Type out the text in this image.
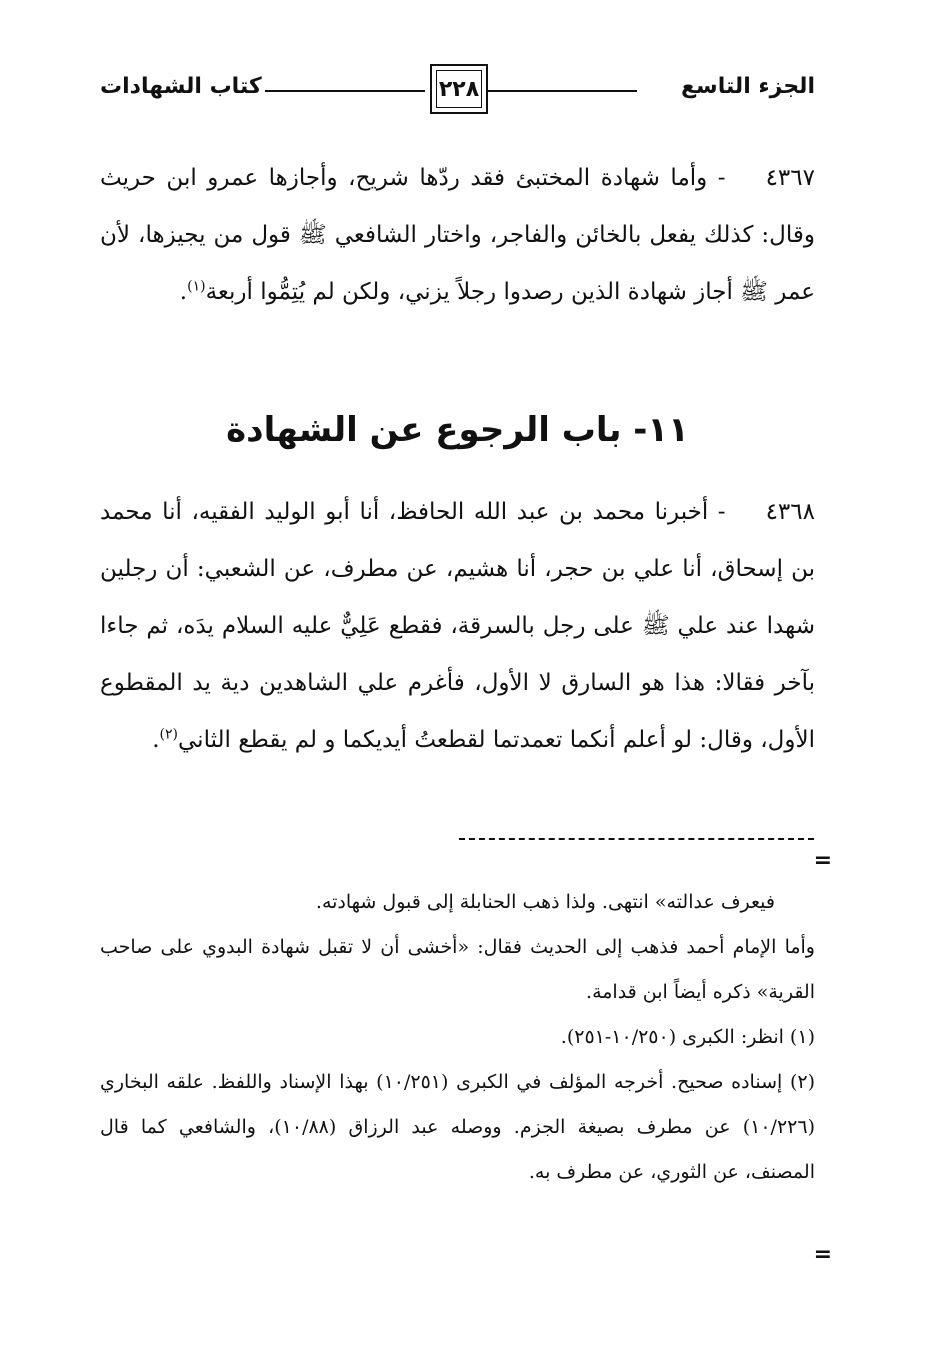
الجزء التاسع
٢٢٨
كتاب الشهادات

٤٣٦٧- وأما شهادة المختبئ فقد ردّها شريح، وأجازها عمرو ابن حريث وقال: كذلك يفعل بالخائن والفاجر، واختار الشافعي ﷺ قول من يجيزها، لأن عمر ﷺ أجاز شهادة الذين رصدوا رجلاً يزني، ولكن لم يُتِمُّوا أربعة$^{(١)}$.

١١- باب الرجوع عن الشهادة

٤٣٦٨- أخبرنا محمد بن عبد الله الحافظ، أنا أبو الوليد الفقيه، أنا محمد بن إسحاق، أنا علي بن حجر، أنا هشيم، عن مطرف، عن الشعبي: أن رجلين شهدا عند علي ﷺ على رجل بالسرقة، فقطع عَلِيٌّ عليه السلام يدَه، ثم جاءا بآخر فقالا: هذا هو السارق لا الأول، فأغرم علي الشاهدين دية يد المقطوع الأول، وقال: لو أعلم أنكما تعمدتما لقطعتُ أيديكما و لم يقطع الثاني$^{(٢)}$.

=

فيعرف عدالته» انتهى. ولذا ذهب الحنابلة إلى قبول شهادته.

وأما الإمام أحمد فذهب إلى الحديث فقال: «أخشى أن لا تقبل شهادة البدوي على صاحب القرية» ذكره أيضاً ابن قدامة.

(١) انظر: الكبرى (١٠/٢٥٠-٢٥١).

(٢) إسناده صحيح. أخرجه المؤلف في الكبرى (١٠/٢٥١) بهذا الإسناد واللفظ. علقه البخاري (١٠/٢٢٦) عن مطرف بصيغة الجزم. ووصله عبد الرزاق (١٠/٨٨)، والشافعي كما قال المصنف، عن الثوري، عن مطرف به.

=
